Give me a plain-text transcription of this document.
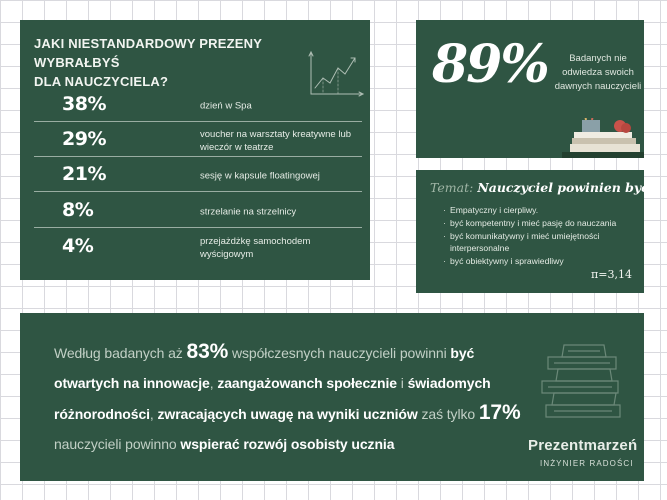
JAKI NIESTANDARDOWY PREZENY WYBRAŁBYŚ
DLA NAUCZYCIELA?
38%	dzień w Spa
29%	voucher na warsztaty kreatywne lub wieczór w teatrze
21%	sesję w kapsule floatingowej
8%	strzelanie na strzelnicy
4%	przejażdżkę samochodem wyścigowym
89%	Badanych nie odwiedza swoich dawnych nauczycieli
Temat: Nauczyciel powinien być:
· Empatyczny i cierpliwy.
· być kompetentny i mieć pasję do nauczania
· być komunikatywny i mieć umiejętności interpersonalne
· być obiektywny i sprawiedliwy
π=3,14
Według badanych aż 83% współczesnych nauczycieli powinni być otwartych na innowacje, zaangażowanch społecznie i świadomych różnorodności, zwracających uwagę na wyniki uczniów zaś tylko 17% nauczycieli powinno wspierać rozwój osobisty ucznia	Prezentmarzeń
INŻYNIER RADOŚCI
